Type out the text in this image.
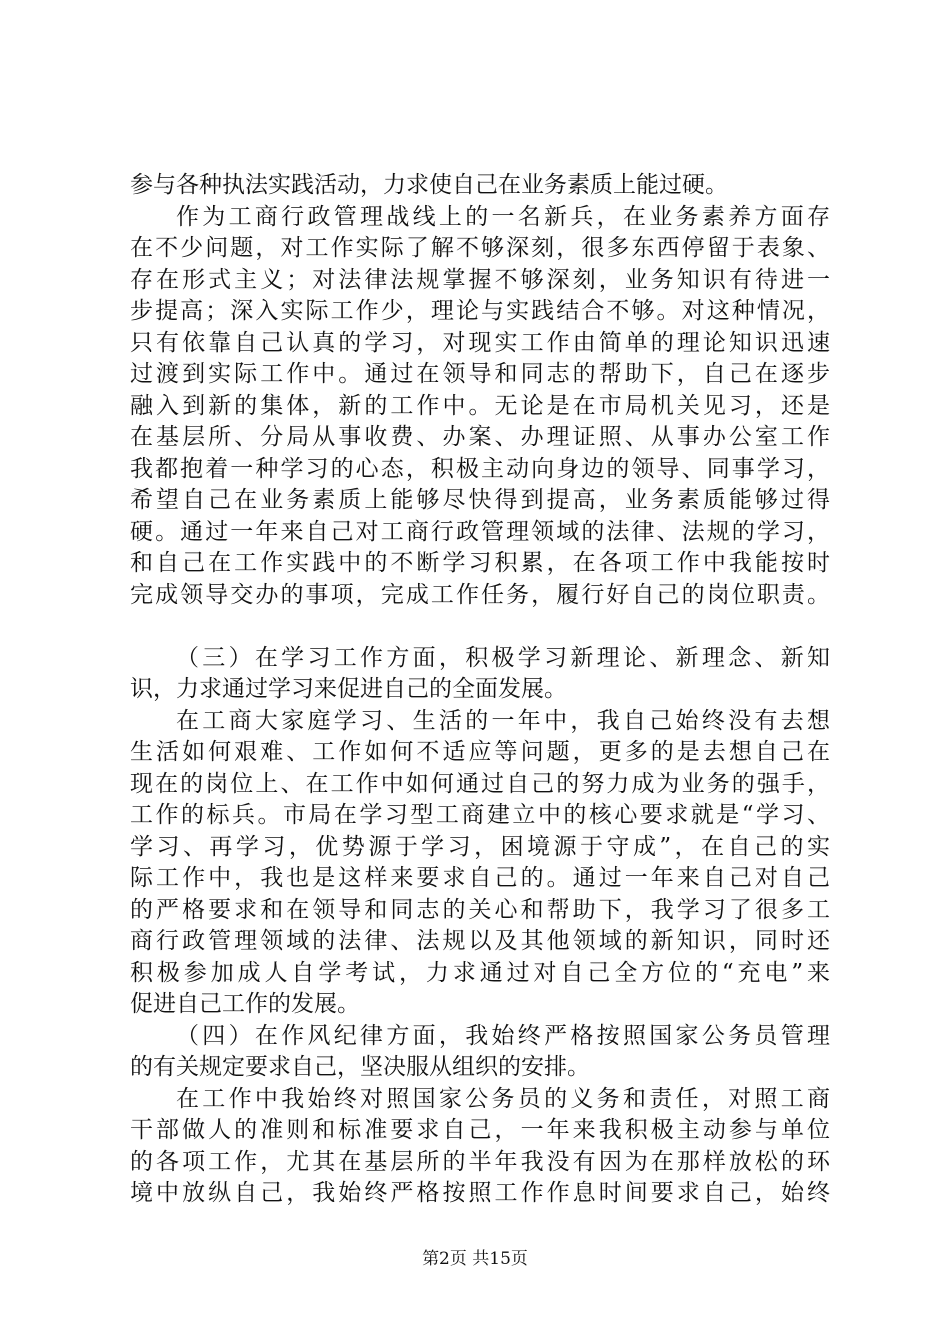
参与各种执法实践活动，力求使自己在业务素质上能过硬。
作为工商行政管理战线上的一名新兵，在业务素养方面存
在不少问题，对工作实际了解不够深刻，很多东西停留于表象、
存在形式主义；对法律法规掌握不够深刻，业务知识有待进一
步提高；深入实际工作少，理论与实践结合不够。对这种情况，
只有依靠自己认真的学习，对现实工作由简单的理论知识迅速
过渡到实际工作中。通过在领导和同志的帮助下，自己在逐步
融入到新的集体，新的工作中。无论是在市局机关见习，还是
在基层所、分局从事收费、办案、办理证照、从事办公室工作
我都抱着一种学习的心态，积极主动向身边的领导、同事学习，
希望自己在业务素质上能够尽快得到提高，业务素质能够过得
硬。通过一年来自己对工商行政管理领域的法律、法规的学习，
和自己在工作实践中的不断学习积累，在各项工作中我能按时
完成领导交办的事项，完成工作任务，履行好自己的岗位职责。
（三）在学习工作方面，积极学习新理论、新理念、新知
识，力求通过学习来促进自己的全面发展。
在工商大家庭学习、生活的一年中，我自己始终没有去想
生活如何艰难、工作如何不适应等问题，更多的是去想自己在
现在的岗位上、在工作中如何通过自己的努力成为业务的强手，
工作的标兵。市局在学习型工商建立中的核心要求就是“学习、
学习、再学习，优势源于学习，困境源于守成”，在自己的实
际工作中，我也是这样来要求自己的。通过一年来自己对自己
的严格要求和在领导和同志的关心和帮助下，我学习了很多工
商行政管理领域的法律、法规以及其他领域的新知识，同时还
积极参加成人自学考试，力求通过对自己全方位的“充电”来
促进自己工作的发展。
（四）在作风纪律方面，我始终严格按照国家公务员管理
的有关规定要求自己，坚决服从组织的安排。
在工作中我始终对照国家公务员的义务和责任，对照工商
干部做人的准则和标准要求自己，一年来我积极主动参与单位
的各项工作，尤其在基层所的半年我没有因为在那样放松的环
境中放纵自己，我始终严格按照工作作息时间要求自己，始终
第2页 共15页
